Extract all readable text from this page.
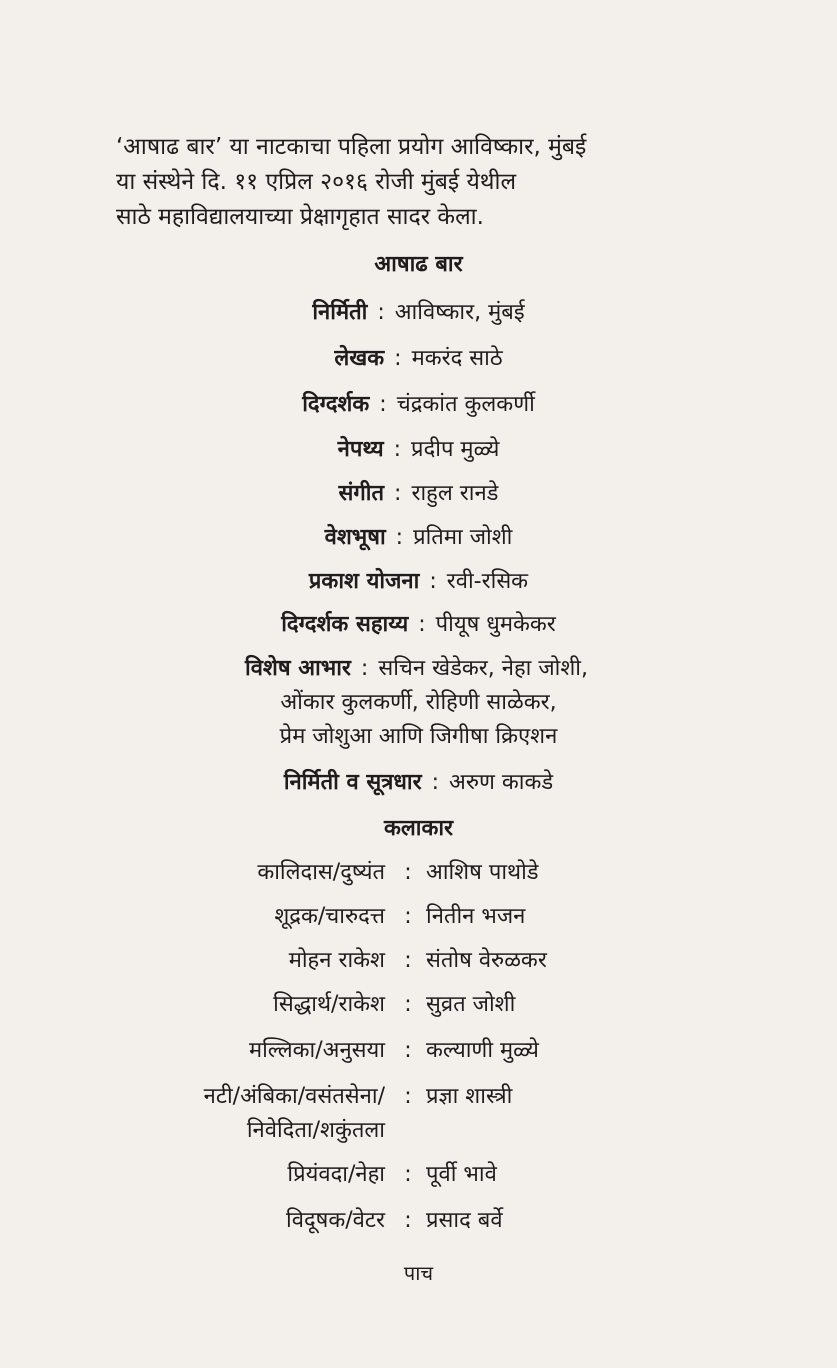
‘आषाढ बार’ या नाटकाचा पहिला प्रयोग आविष्कार, मुंबई
या संस्थेने दि. ११ एप्रिल २०१६ रोजी मुंबई येथील
साठे महाविद्यालयाच्या प्रेक्षागृहात सादर केला.
आषाढ बार
निर्मिती : आविष्कार, मुंबई
लेखक : मकरंद साठे
दिग्दर्शक : चंद्रकांत कुलकर्णी
नेपथ्य : प्रदीप मुळ्ये
संगीत : राहुल रानडे
वेशभूषा : प्रतिमा जोशी
प्रकाश योजना : रवी-रसिक
दिग्दर्शक सहाय्य : पीयूष धुमकेकर
विशेष आभार : सचिन खेडेकर, नेहा जोशी,
ओंकार कुलकर्णी, रोहिणी साळेकर,
प्रेम जोशुआ आणि जिगीषा क्रिएशन
निर्मिती व सूत्रधार : अरुण काकडे
कलाकार
कालिदास/दुष्यंत : आशिष पाथोडे
शूद्रक/चारुदत्त : नितीन भजन
मोहन राकेश : संतोष वेरुळकर
सिद्धार्थ/राकेश : सुव्रत जोशी
मल्लिका/अनुसया : कल्याणी मुळ्ये
नटी/अंबिका/वसंतसेना/
निवेदिता/शकुंतला
: प्रज्ञा शास्त्री
प्रियंवदा/नेहा : पूर्वी भावे
विदूषक/वेटर : प्रसाद बर्वे
पाच
